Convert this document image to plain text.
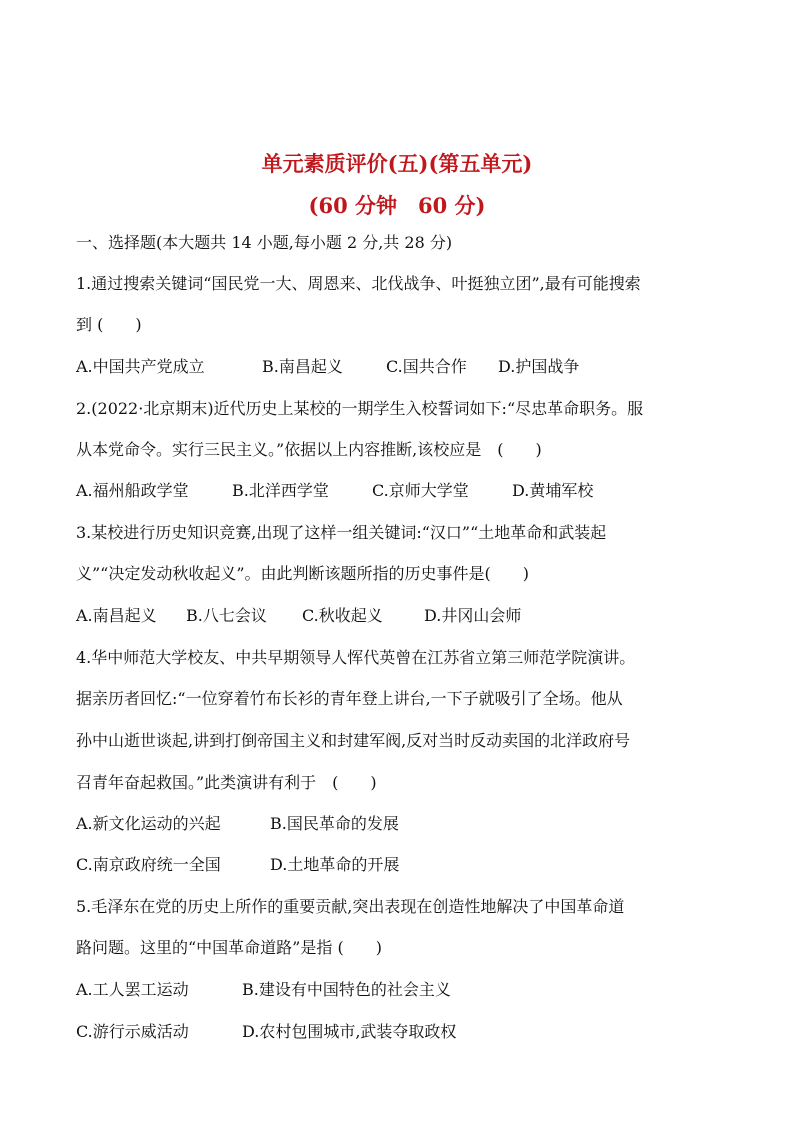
单元素质评价(五)(第五单元)
(60 分钟　60 分)
一、选择题(本大题共 14 小题,每小题 2 分,共 28 分)
1.通过搜索关键词“国民党一大、周恩来、北伐战争、叶挺独立团”,最有可能搜索
到 (　　)
A.中国共产党成立	B.南昌起义	C.国共合作 D.护国战争
2.(2022·北京期末)近代历史上某校的一期学生入校誓词如下:“尽忠革命职务。服
从本党命令。实行三民主义。”依据以上内容推断,该校应是　(　　)
A.福州船政学堂	B.北洋西学堂	C.京师大学堂	D.黄埔军校
3.某校进行历史知识竞赛,出现了这样一组关键词:“汉口”“土地革命和武装起
义”“决定发动秋收起义”。由此判断该题所指的历史事件是(　　)
A.南昌起义 B.八七会议 C.秋收起义	D.井冈山会师
4.华中师范大学校友、中共早期领导人恽代英曾在江苏省立第三师范学院演讲。
据亲历者回忆:“一位穿着竹布长衫的青年登上讲台,一下子就吸引了全场。他从
孙中山逝世谈起,讲到打倒帝国主义和封建军阀,反对当时反动卖国的北洋政府号
召青年奋起救国。”此类演讲有利于　(　　)
A.新文化运动的兴起	B.国民革命的发展
C.南京政府统一全国	D.土地革命的开展
5.毛泽东在党的历史上所作的重要贡献,突出表现在创造性地解决了中国革命道
路问题。这里的“中国革命道路”是指 (　　)
A.工人罢工运动	B.建设有中国特色的社会主义
C.游行示威活动	D.农村包围城市,武装夺取政权
